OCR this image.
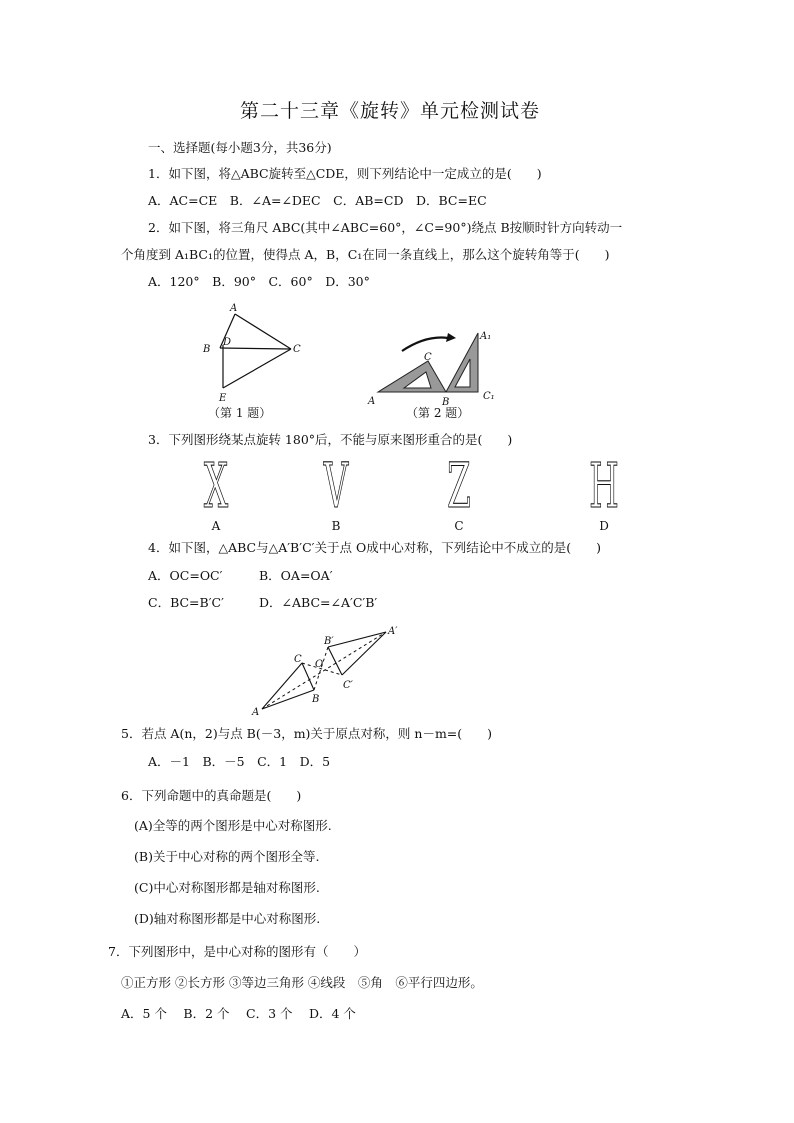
第二十三章《旋转》单元检测试卷
一、选择题(每小题3分，共36分)
1．如下图，将△ABC旋转至△CDE，则下列结论中一定成立的是(　　)
A．AC=CE　B．∠A=∠DEC　C．AB=CD　D．BC=EC
2．如下图，将三角尺 ABC(其中∠ABC=60°，∠C=90°)绕点 B按顺时针方向转动一
个角度到 A₁BC₁的位置，使得点 A，B，C₁在同一条直线上，那么这个旋转角等于(　　)
A．120°　B．90°　C．60°　D．30°
A
B
D
C
E
（第 1 题）
A₁
C
A	B
C₁
（第 2 题）
3．下列图形绕某点旋转 180°后，不能与原来图形重合的是(　　)
X
A
V
B
Z
C
H
D
4．如下图，△ABC与△A′B′C′关于点 O成中心对称，下列结论中不成立的是(　　)
A．OC=OC′	B．OA=OA′
C．BC=B′C′	D．∠ABC=∠A′C′B′
B′
A′
C O
C′
A
B
5．若点 A(n，2)与点 B(－3，m)关于原点对称，则 n－m=(　　)
A．－1　B．－5　C．1　D．5
6．下列命题中的真命题是(　　)
(A)全等的两个图形是中心对称图形.
(B)关于中心对称的两个图形全等.
(C)中心对称图形都是轴对称图形.
(D)轴对称图形都是中心对称图形.
7．下列图形中，是中心对称的图形有（　　）
①正方形 ②长方形 ③等边三角形 ④线段　⑤角　⑥平行四边形。
A．5 个　 B．2 个　 C．3 个　 D．4 个
